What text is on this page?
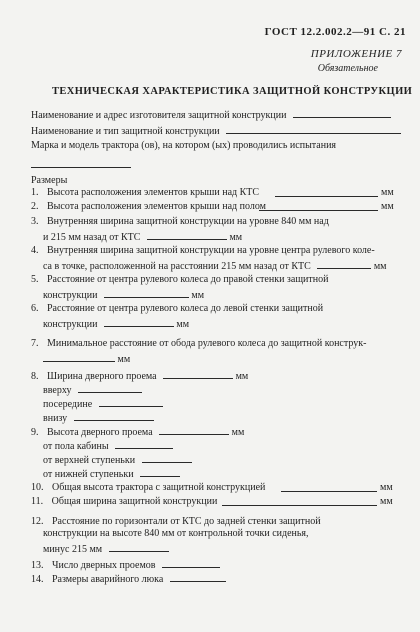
ГОСТ 12.2.002.2—91 С. 21
ПРИЛОЖЕНИЕ 7
Обязательное
ТЕХНИЧЕСКАЯ ХАРАКТЕРИСТИКА ЗАЩИТНОЙ КОНСТРУКЦИИ
Наименование и адрес изготовителя защитной конструкции
Наименование и тип защитной конструкции
Марка и модель трактора (ов), на котором (ых) проводились испытания
Размеры
1. Высота расположения элементов крыши над КТС	мм
2. Высота расположения элементов крыши над полом	мм
3. Внутренняя ширина защитной конструкции на уровне 840 мм над
и 215 мм назад от КТС	мм
4. Внутренняя ширина защитной конструкции на уровне центра рулевого коле-
са в точке, расположенной на расстоянии 215 мм назад от КТС	мм
5. Расстояние от центра рулевого колеса до правой стенки защитной
конструкции	мм
6. Расстояние от центра рулевого колеса до левой стенки защитной
конструкции	мм
7. Минимальное расстояние от обода рулевого колеса до защитной конструк-
мм
8. Ширина дверного проема	мм
вверху
посередине
внизу
9. Высота дверного проема	мм
от пола кабины
от верхней ступеньки
от нижней ступеньки
10. Общая высота трактора с защитной конструкцией	мм
11. Общая ширина защитной конструкции	мм
12. Расстояние по горизонтали от КТС до задней стенки защитной
конструкции на высоте 840 мм от контрольной точки сиденья,
минус 215 мм
13. Число дверных проемов
14. Размеры аварийного люка
